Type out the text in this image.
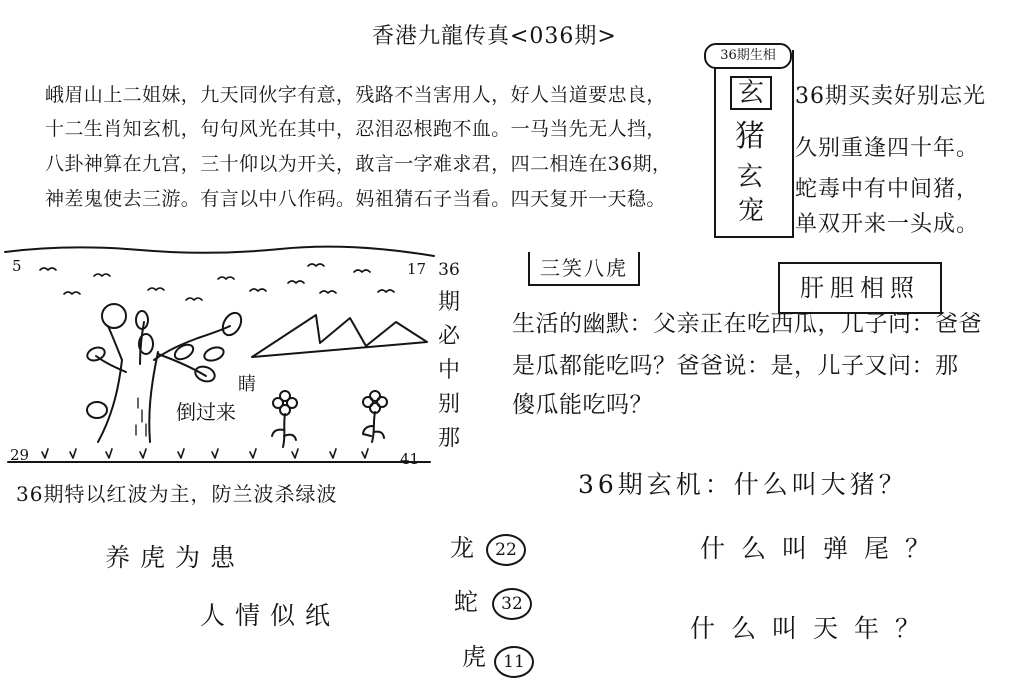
香港九龍传真<036期>
峨眉山上二姐妹，九天同伙字有意，残路不当害用人，好人当道要忠良，
十二生肖知玄机，句句风光在其中，忍泪忍根跑不血。一马当先无人挡，
八卦神算在九宫，三十仰以为开关，敢言一字难求君，四二相连在36期，
神差鬼使去三游。有言以中八作码。妈祖猜石子当看。四天复开一天稳。
36期生相
玄
猪
玄
宠
36期买卖好别忘光
久别重逢四十年。
蛇毒中有中间猪，
单双开来一头成。
5	17
29	41
倒过来
睛
36
期
必
中
别
那
36期特以红波为主，防兰波杀绿波
三笑八虎
肝胆相照
生活的幽默：父亲正在吃西瓜，儿子问：爸爸
是瓜都能吃吗？爸爸说：是，儿子又问：那
傻瓜能吃吗？
36期玄机：什么叫大猪？
什么叫弹尾？
什么叫天年？
养虎为患
人情似纸
龙	22
蛇	32
虎	11
